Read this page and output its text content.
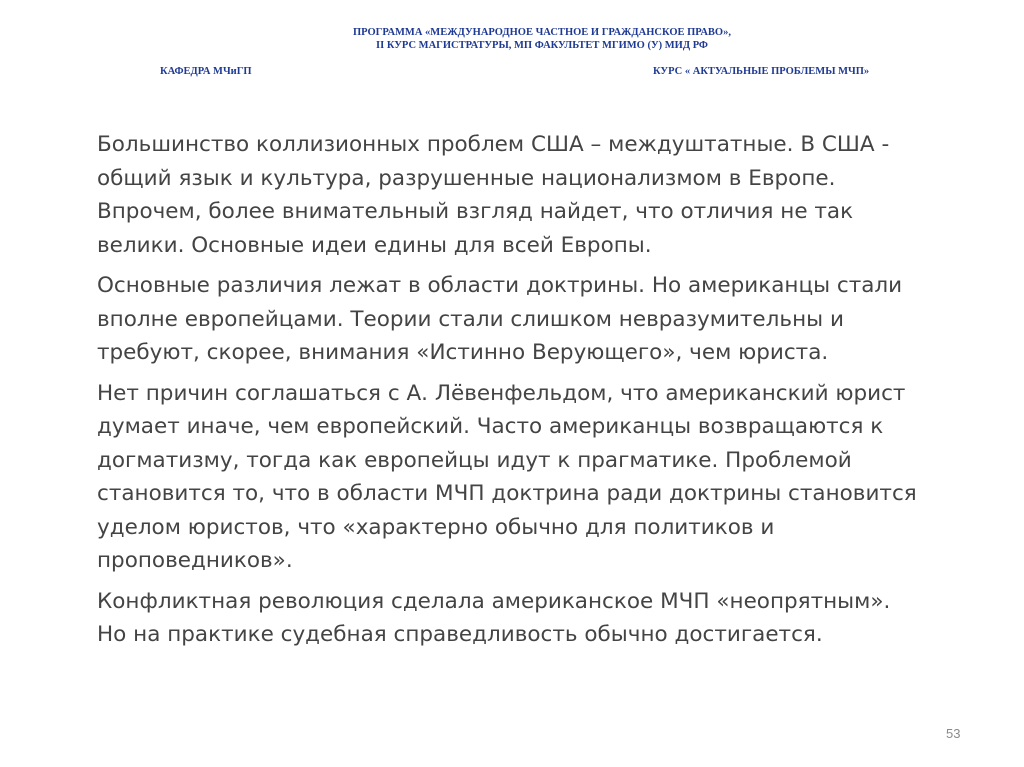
ПРОГРАММА «МЕЖДУНАРОДНОЕ ЧАСТНОЕ И ГРАЖДАНСКОЕ ПРАВО»,
II КУРС МАГИСТРАТУРЫ, МП ФАКУЛЬТЕТ МГИМО (У) МИД РФ
КАФЕДРА МЧиГП	КУРС « АКТУАЛЬНЫЕ ПРОБЛЕМЫ МЧП»

Большинство коллизионных проблем США – междуштатные. В США -
общий язык и культура, разрушенные национализмом в Европе.
Впрочем, более внимательный взгляд найдет, что отличия не так
велики. Основные идеи едины для всей Европы.

Основные различия лежат в области доктрины. Но американцы стали
вполне европейцами. Теории стали слишком невразумительны и
требуют, скорее, внимания «Истинно Верующего», чем юриста.

Нет причин соглашаться с А. Лёвенфельдом, что американский юрист
думает иначе, чем европейский. Часто американцы возвращаются к
догматизму, тогда как европейцы идут к прагматике. Проблемой
становится то, что в области МЧП доктрина ради доктрины становится
уделом юристов, что «характерно обычно для политиков и
проповедников».

Конфликтная революция сделала американское МЧП «неопрятным».
Но на практике судебная справедливость обычно достигается.

53
